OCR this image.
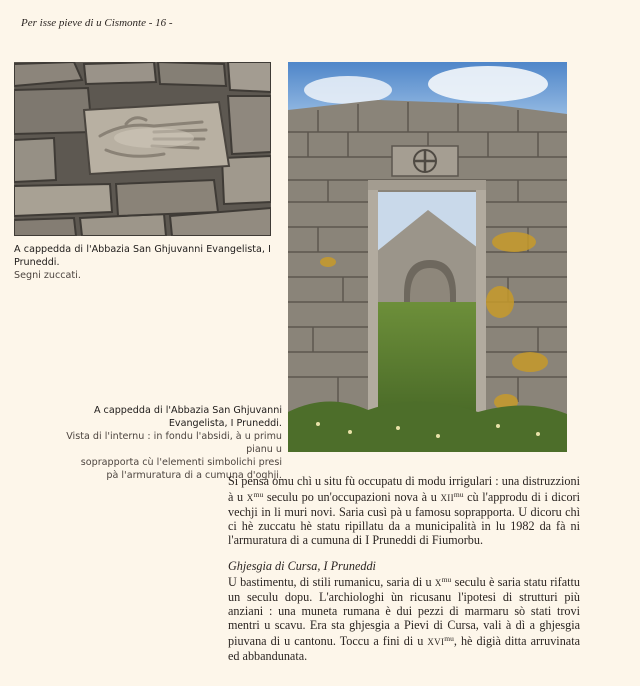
Per isse pieve di u Cismonte - 16 -
A cappedda di l'Abbazia San Ghjuvanni Evangelista, I Pruneddi.
Segni zuccati.
A cappedda di l'Abbazia San Ghjuvanni
Evangelista, I Pruneddi.
Vista di l'internu : in fondu l'absidi, à u primu pianu u
soprapporta cù l'elementi simbolichi presi
pà l'armuratura di a cumuna d'oghji.

Si pensa omu chì u situ fù occupatu di modu irrigulari : una distruzzioni à u $X^{mu}$ seculu po un'occupazioni nova à u $XII^{mu}$ cù l'approdu di i dicori vechji in li muri novi. Saria cusì pà u famosu soprapporta. U dicoru chì ci hè zuccatu hè statu ripillatu da a municipalità in lu 1982 da fà ni l'armuratura di a cumuna di I Pruneddi di Fiumorbu.

Ghjesgia di Cursa, I Pruneddi

U bastimentu, di stili rumanicu, saria di u $X^{mu}$ seculu è saria statu rifattu un seculu dopu. L'archiologhi ùn ricusanu l'ipotesi di strutturi più anziani : una muneta rumana è dui pezzi di marmaru sò stati trovi mentri u scavu. Era sta ghjesgia a Pievi di Cursa, vali à dì a ghjesgia piuvana di u cantonu. Toccu a fini di u $XVI^{mu}$, hè digià ditta arruvinata ed abbandunata.
